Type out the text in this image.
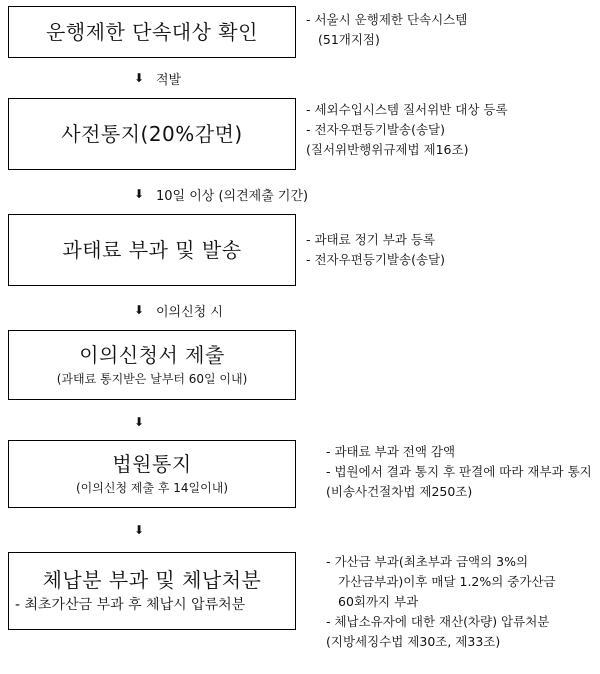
운행제한 단속대상 확인
- 서울시 운행제한 단속시스템
(51개지점)
⬇ 적발
사전통지(20%감면)
- 세외수입시스템 질서위반 대상 등록
- 전자우편등기발송(송달)
(질서위반행위규제법 제16조)
⬇ 10일 이상 (의견제출 기간)
과태료 부과 및 발송	- 과태료 정기 부과 등록
- 전자우편등기발송(송달)
⬇ 이의신청 시
이의신청서 제출
(과태료 통지받은 날부터 60일 이내)
⬇
법원통지
(이의신청 제출 후 14일이내)
- 과태료 부과 전액 감액
- 법원에서 결과 통지 후 판결에 따라 재부과 통지
(비송사건절차법 제250조)
⬇
체납분 부과 및 체납처분
- 최초가산금 부과 후 체납시 압류처분
- 가산금 부과(최초부과 금액의 3%의
가산금부과)이후 매달 1.2%의 중가산금
60회까지 부과
- 체납소유자에 대한 재산(차량) 압류처분
(지방세징수법 제30조, 제33조)
